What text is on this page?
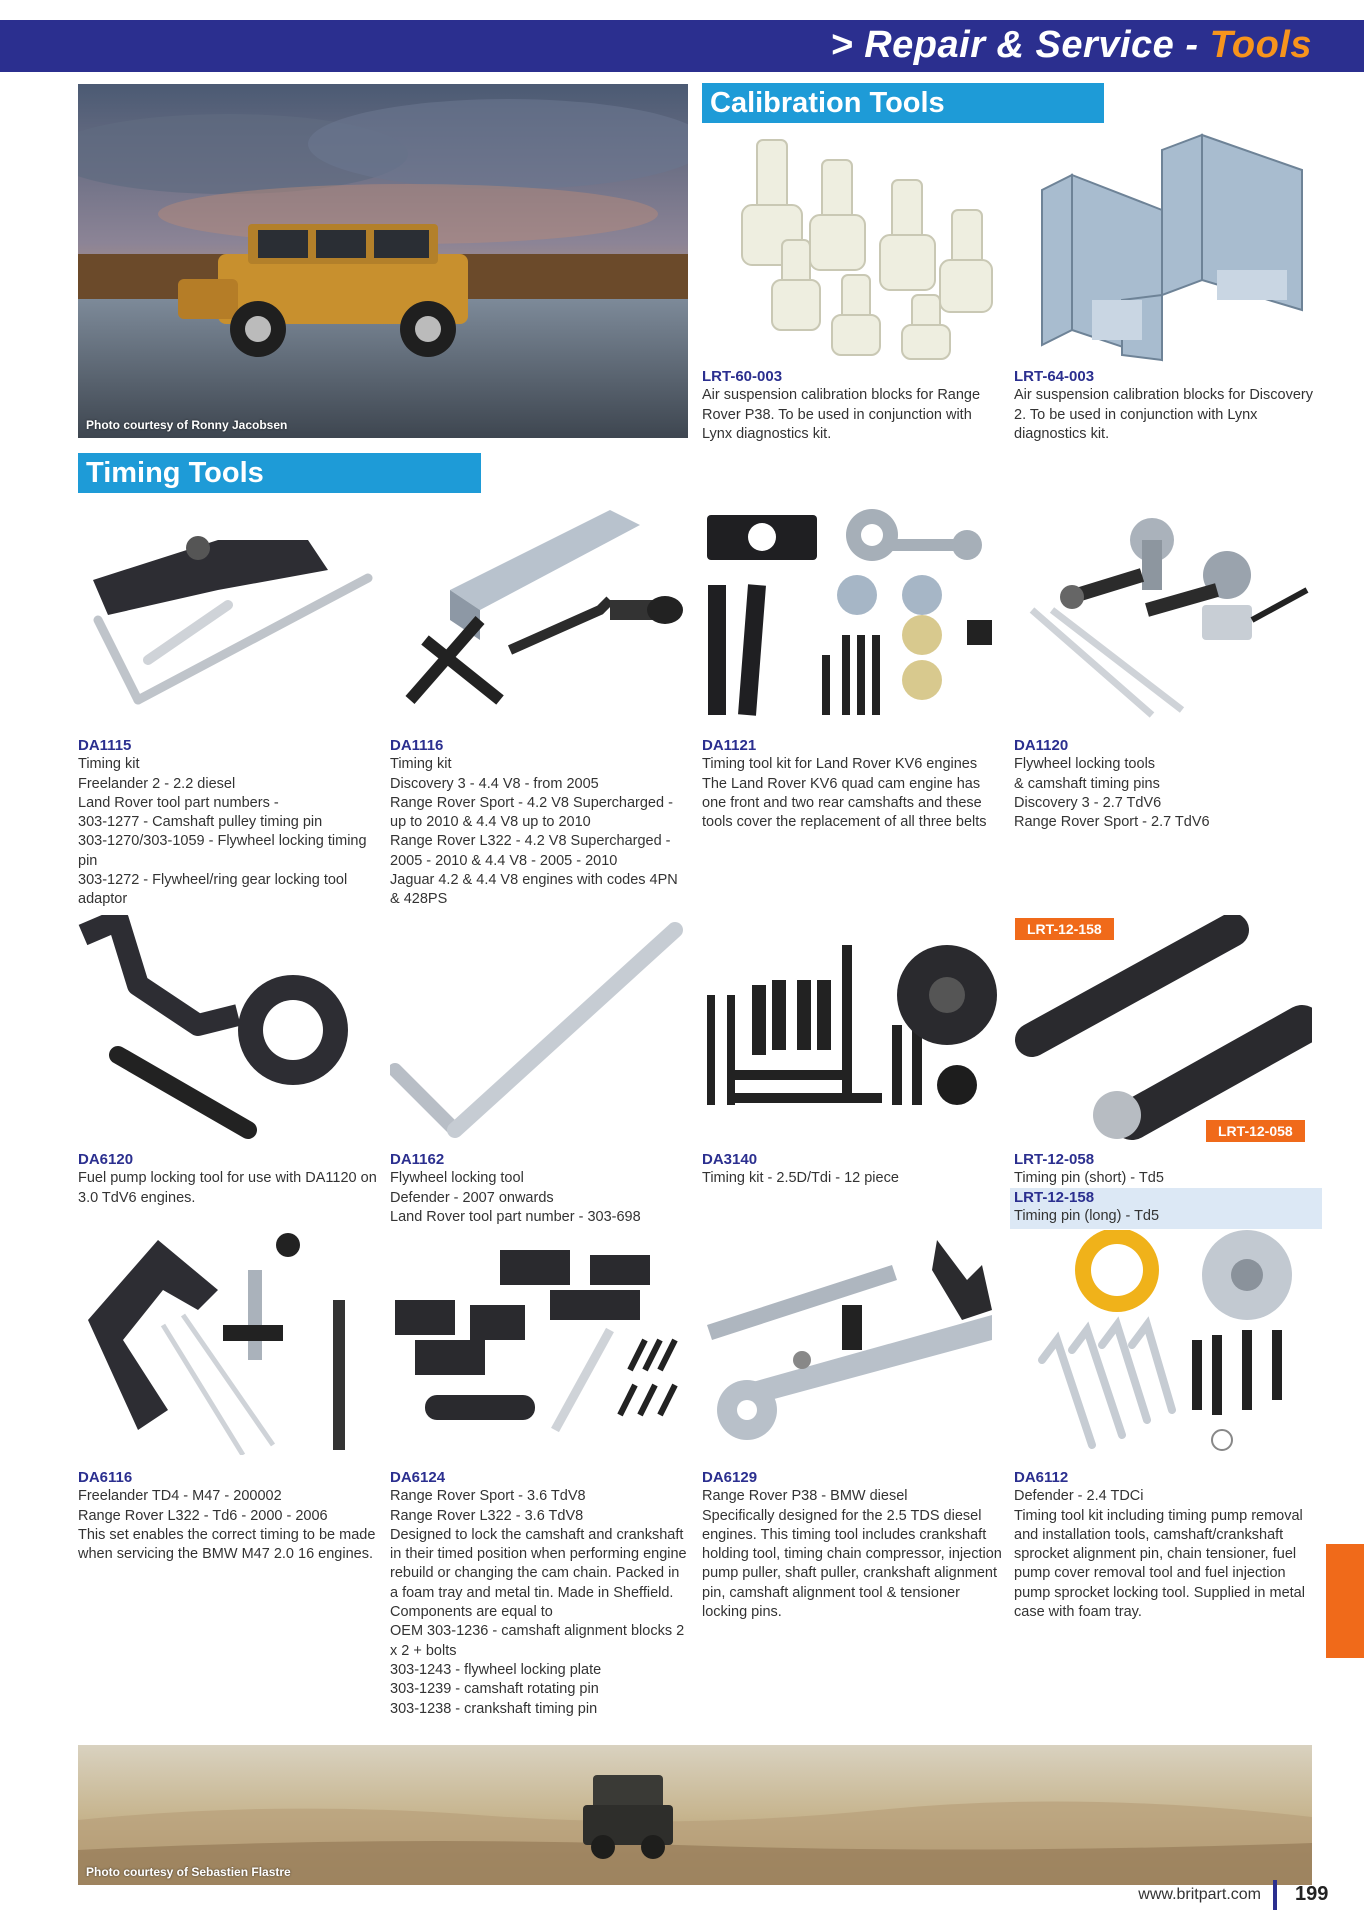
> Repair & Service - Tools
Photo courtesy of Ronny Jacobsen
Calibration Tools
LRT-60-003
Air suspension calibration blocks for Range Rover P38. To be used in conjunction with Lynx diagnostics kit.
LRT-64-003
Air suspension calibration blocks for Discovery 2. To be used in conjunction with Lynx diagnostics kit.
Timing Tools
DA1115
Timing kit
Freelander 2 - 2.2 diesel
Land Rover tool part numbers -
303-1277 - Camshaft pulley timing pin
303-1270/303-1059 - Flywheel locking timing pin
303-1272 - Flywheel/ring gear locking tool adaptor
DA1116
Timing kit
Discovery 3 - 4.4 V8 - from 2005
Range Rover Sport - 4.2 V8 Supercharged - up to 2010 & 4.4 V8 up to 2010
Range Rover L322 - 4.2 V8 Supercharged - 2005 - 2010 & 4.4 V8 - 2005 - 2010
Jaguar 4.2 & 4.4 V8 engines with codes 4PN & 428PS
DA1121
Timing tool kit for Land Rover KV6 engines
The Land Rover KV6 quad cam engine has one front and two rear camshafts and these tools cover the replacement of all three belts
DA1120
Flywheel locking tools
& camshaft timing pins
Discovery 3 - 2.7 TdV6
Range Rover Sport - 2.7 TdV6
LRT-12-158
LRT-12-058
DA6120
Fuel pump locking tool for use with DA1120 on 3.0 TdV6 engines.
DA1162
Flywheel locking tool
Defender - 2007 onwards
Land Rover tool part number - 303-698
DA3140
Timing kit - 2.5D/Tdi - 12 piece
LRT-12-058
Timing pin (short) - Td5
LRT-12-158
Timing pin (long) - Td5
DA6116
Freelander TD4 - M47 - 200002
Range Rover L322 - Td6 - 2000 - 2006
This set enables the correct timing to be made when servicing the BMW M47 2.0 16 engines.
DA6124
Range Rover Sport - 3.6 TdV8
Range Rover L322 - 3.6 TdV8
Designed to lock the camshaft and crankshaft in their timed position when performing engine rebuild or changing the cam chain. Packed in a foam tray and metal tin. Made in Sheffield.
Components are equal to
OEM 303-1236 - camshaft alignment blocks 2 x 2 + bolts
303-1243 - flywheel locking plate
303-1239 - camshaft rotating pin
303-1238 - crankshaft timing pin
DA6129
Range Rover P38 - BMW diesel
Specifically designed for the 2.5 TDS diesel engines. This timing tool includes crankshaft holding tool, timing chain compressor, injection pump puller, shaft puller, crankshaft alignment pin, camshaft alignment tool & tensioner locking pins.
DA6112
Defender - 2.4 TDCi
Timing tool kit including timing pump removal and installation tools, camshaft/crankshaft sprocket alignment pin, chain tensioner, fuel pump cover removal tool and fuel injection pump sprocket locking tool. Supplied in metal case with foam tray.
Photo courtesy of Sebastien Flastre
www.britpart.com 199
